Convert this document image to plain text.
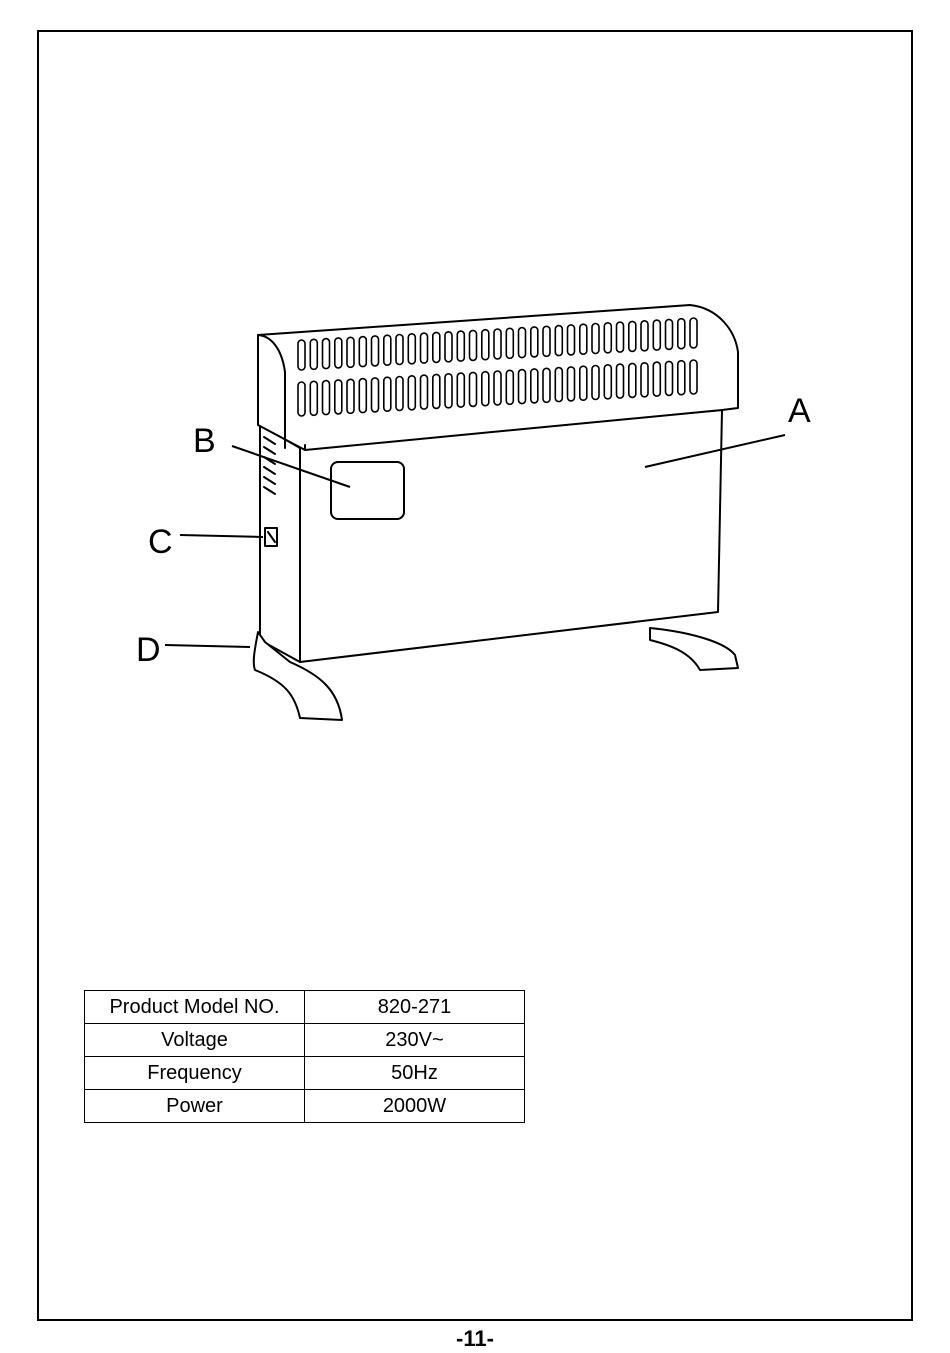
A
B
C
D
Product Model NO.	820-271
Voltage	230V~
Frequency	50Hz
Power	2000W
-11-
